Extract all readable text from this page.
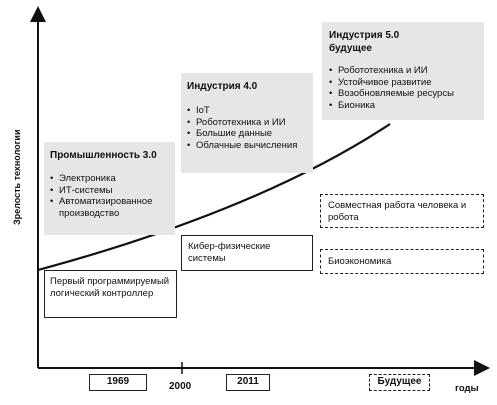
Зрелость технологии	Промышленность 3.0
• Электроника
• ИТ-системы
• Автоматизированное производство
Индустрия 4.0
• IoT
• Робототехника и ИИ
• Большие данные
• Облачные вычисления
Индустрия 5.0
будущее
• Робототехника и ИИ
• Устойчивое развитие
• Возобновляемые ресурсы
• Бионика
Первый программируемый логический контроллер
Кибер-физические системы
Совместная работа человека и робота
Биоэкономика
1969	2000	2011	Будущее
годы
